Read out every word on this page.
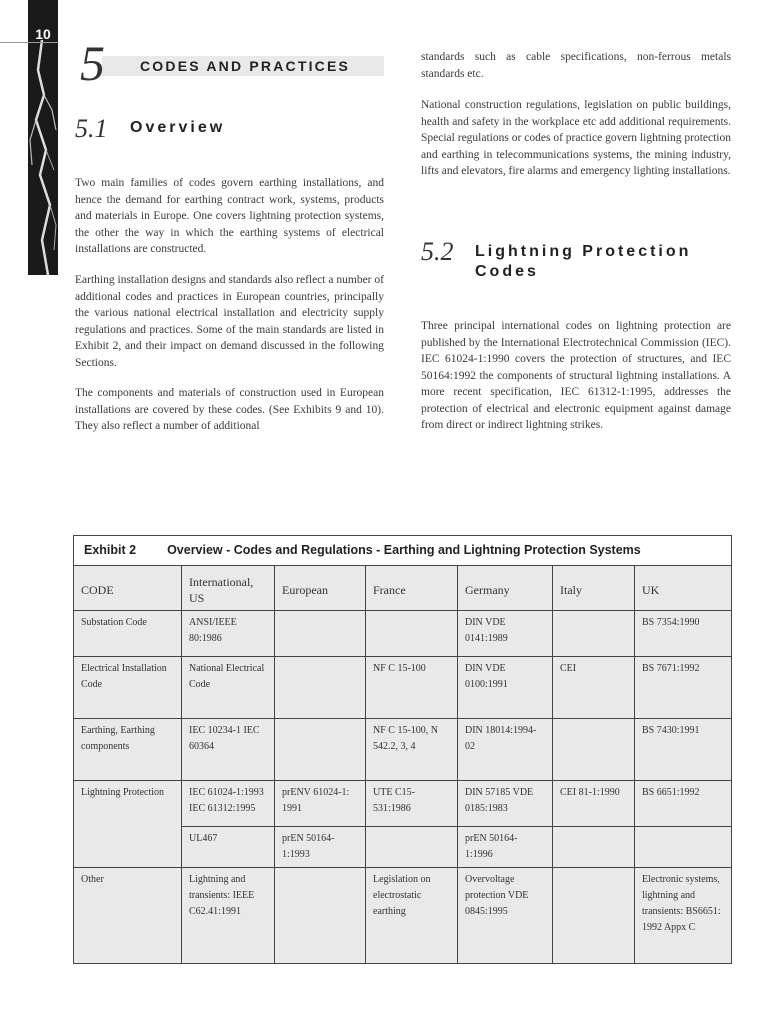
10
5	CODES AND PRACTICES
5.1 Overview
Two main families of codes govern earthing installations, and hence the demand for earthing contract work, systems, products and materials in Europe. One covers lightning protection systems, the other the way in which the earthing systems of electrical installations are constructed.
Earthing installation designs and standards also reflect a number of additional codes and practices in European countries, principally the various national electrical installation and electricity supply regulations and practices. Some of the main standards are listed in Exhibit 2, and their impact on demand discussed in the following Sections.
The components and materials of construction used in European installations are covered by these codes. (See Exhibits 9 and 10). They also reflect a number of additional
standards such as cable specifications, non-ferrous metals standards etc.
National construction regulations, legislation on public buildings, health and safety in the workplace etc add additional requirements. Special regulations or codes of practice govern lightning protection and earthing in telecommunications systems, the mining industry, lifts and elevators, fire alarms and emergency lighting installations.
5.2 Lightning Protection
Codes
Three principal international codes on lightning protection are published by the International Electrotechnical Commission (IEC). IEC 61024-1:1990 covers the protection of structures, and IEC 50164:1992 the components of structural lightning installations. A more recent specification, IEC 61312-1:1995, addresses the protection of electrical and electronic equipment against damage from direct or indirect lightning strikes.
Exhibit 2 Overview - Codes and Regulations - Earthing and Lightning Protection Systems						
CODE	International, US	European	France	Germany	Italy	UK
Substation Code	ANSI/IEEE 80:1986			DIN VDE 0141:1989		BS 7354:1990
Electrical Installation Code	National Electrical Code		NF C 15-100	DIN VDE 0100:1991	CEI	BS 7671:1992
Earthing, Earthing components	IEC 10234-1 IEC 60364		NF C 15-100, N 542.2, 3, 4	DIN 18014:1994-02		BS 7430:1991
Lightning Protection	IEC 61024-1:1993 IEC 61312:1995	prENV 61024-1: 1991	UTE C15-531:1986	DIN 57185 VDE 0185:1983	CEI 81-1:1990	BS 6651:1992
	UL467	prEN 50164-1:1993		prEN 50164-1:1996		
Other	Lightning and transients: IEEE C62.41:1991		Legislation on electrostatic earthing	Overvoltage protection VDE 0845:1995		Electronic systems, lightning and transients: BS6651: 1992 Appx C
